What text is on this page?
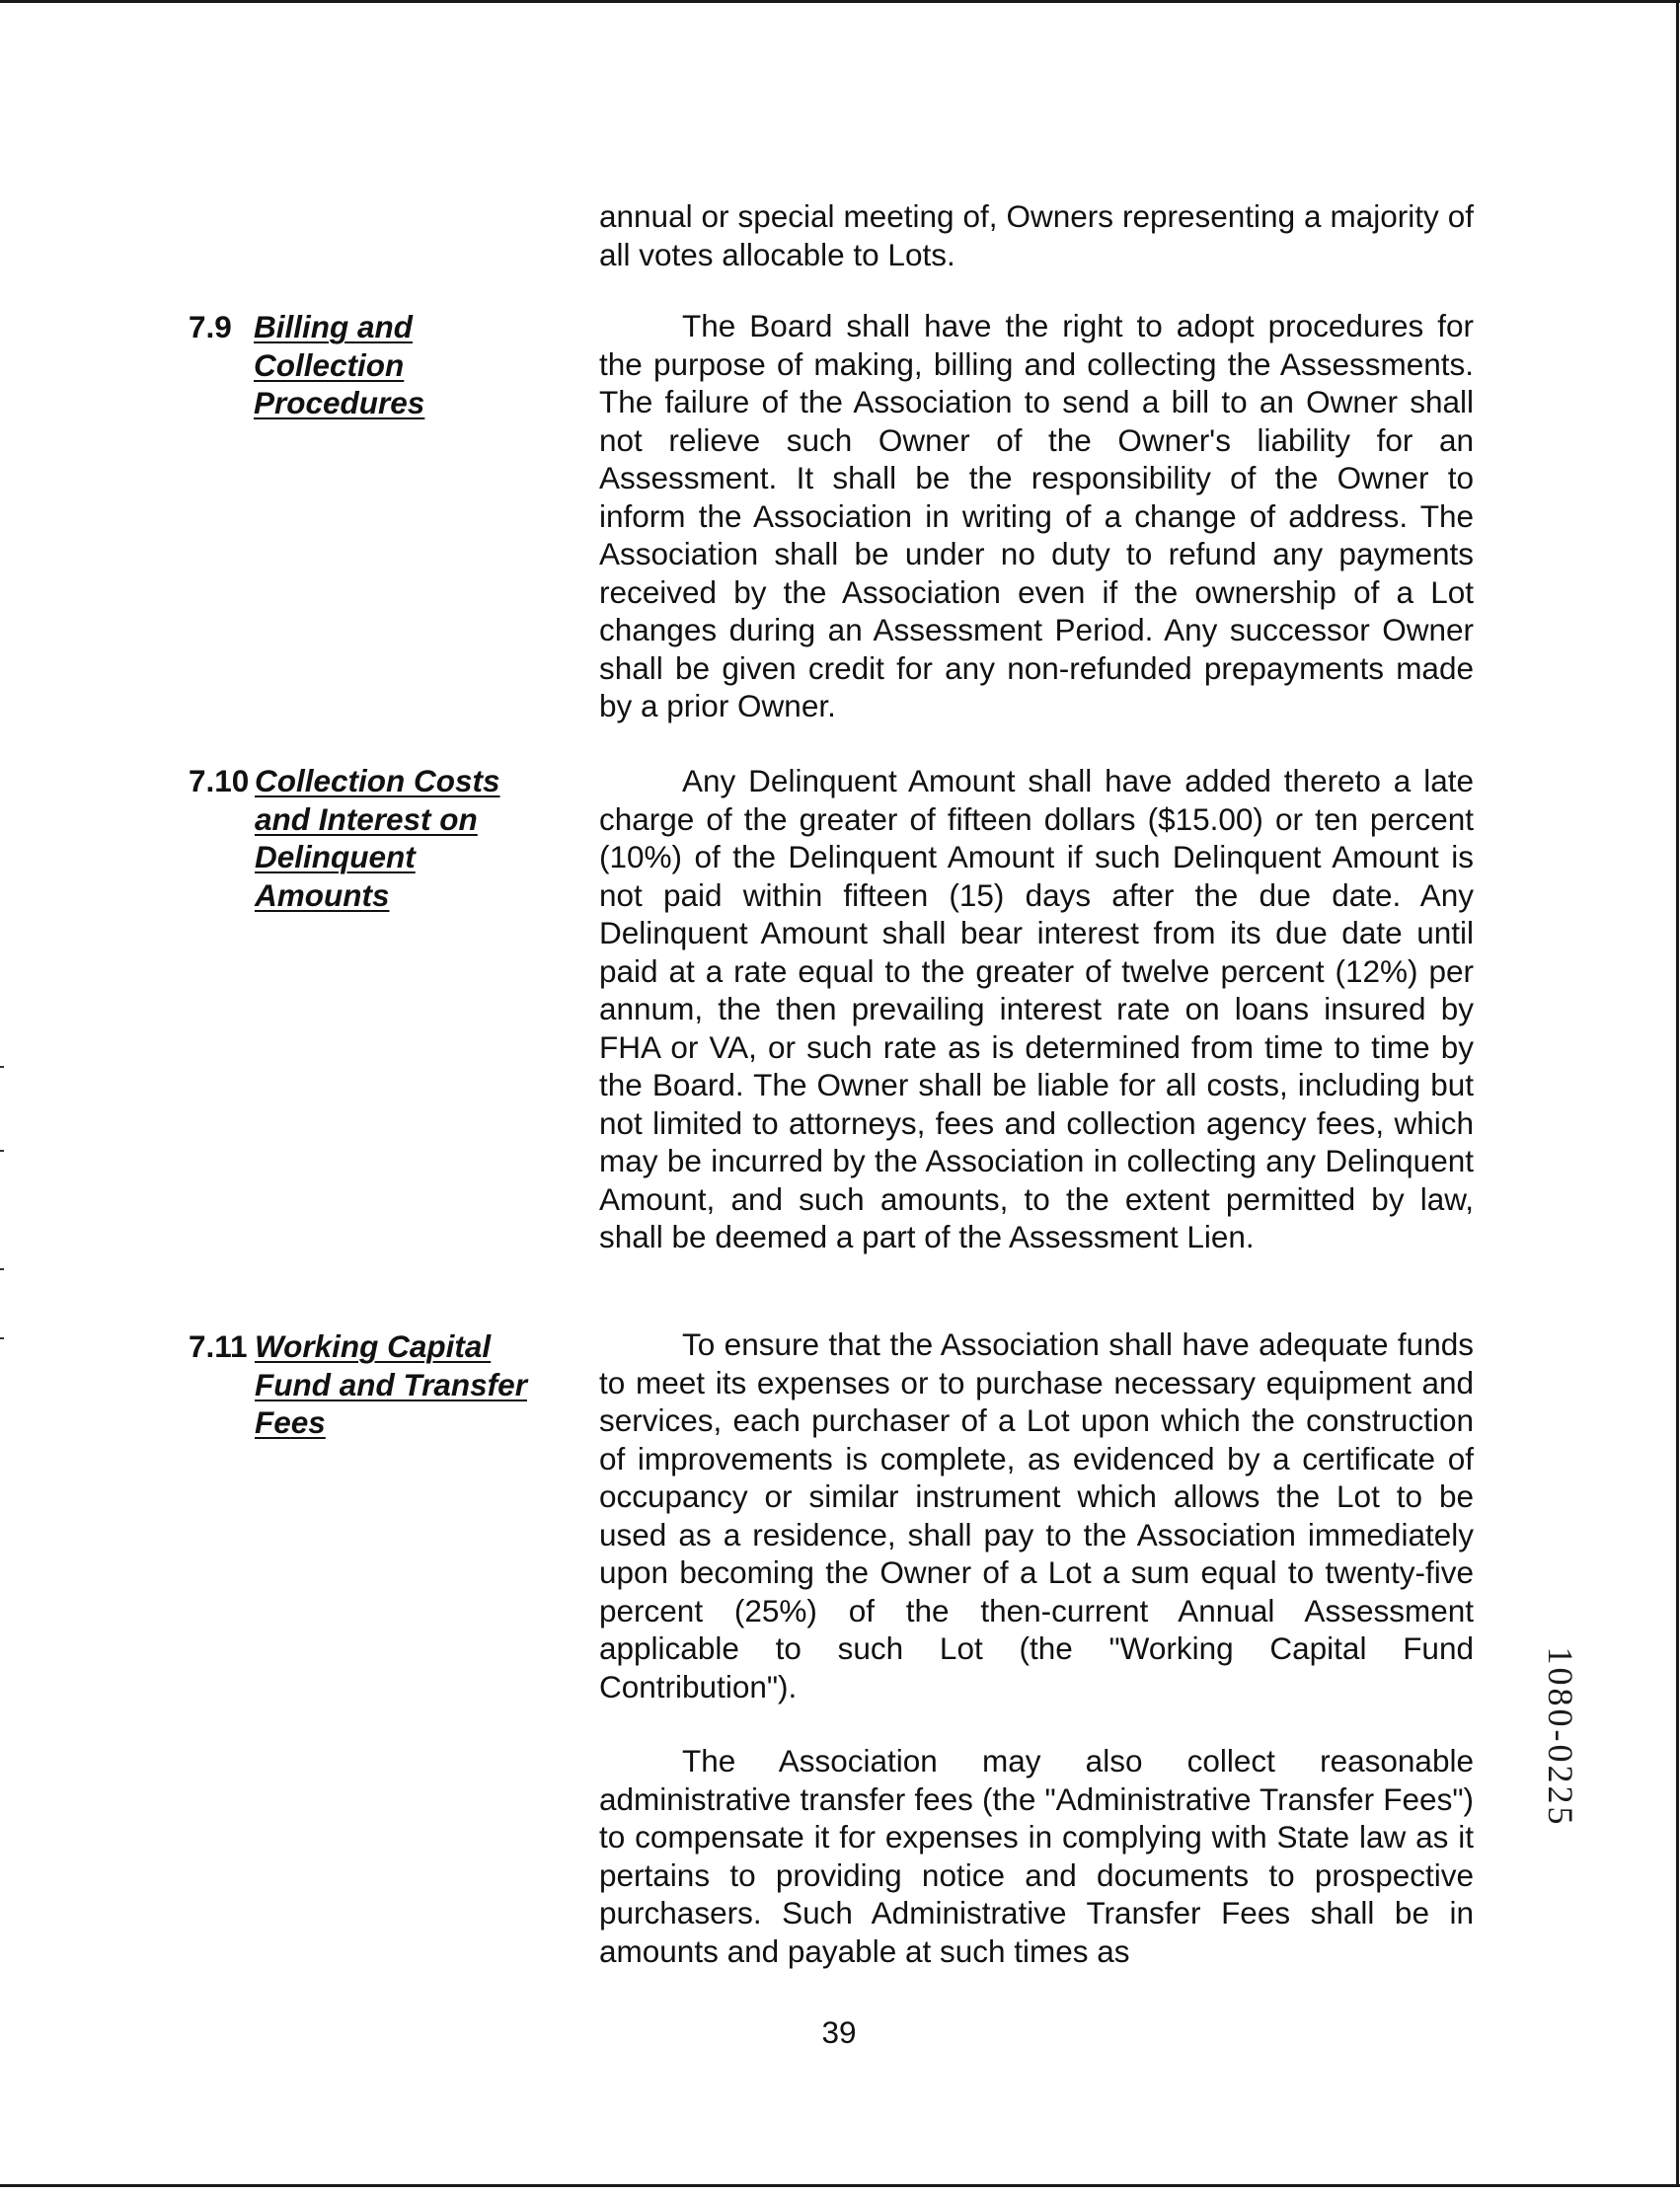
annual or special meeting of, Owners representing a majority of all votes allocable to Lots.

7.9 Billing and
Collection
Procedures

The Board shall have the right to adopt procedures for the purpose of making, billing and collecting the Assessments. The failure of the Association to send a bill to an Owner shall not relieve such Owner of the Owner's liability for an Assessment. It shall be the responsibility of the Owner to inform the Association in writing of a change of address. The Association shall be under no duty to refund any payments received by the Association even if the ownership of a Lot changes during an Assessment Period. Any successor Owner shall be given credit for any non-refunded prepayments made by a prior Owner.

7.10 Collection Costs
and Interest on
Delinquent
Amounts

Any Delinquent Amount shall have added thereto a late charge of the greater of fifteen dollars ($15.00) or ten percent (10%) of the Delinquent Amount if such Delinquent Amount is not paid within fifteen (15) days after the due date. Any Delinquent Amount shall bear interest from its due date until paid at a rate equal to the greater of twelve percent (12%) per annum, the then prevailing interest rate on loans insured by FHA or VA, or such rate as is determined from time to time by the Board. The Owner shall be liable for all costs, including but not limited to attorneys, fees and collection agency fees, which may be incurred by the Association in collecting any Delinquent Amount, and such amounts, to the extent permitted by law, shall be deemed a part of the Assessment Lien.

7.11 Working Capital
Fund and Transfer
Fees

To ensure that the Association shall have adequate funds to meet its expenses or to purchase necessary equipment and services, each purchaser of a Lot upon which the construction of improvements is complete, as evidenced by a certificate of occupancy or similar instrument which allows the Lot to be used as a residence, shall pay to the Association immediately upon becoming the Owner of a Lot a sum equal to twenty-five percent (25%) of the then-current Annual Assessment applicable to such Lot (the "Working Capital Fund Contribution").

The Association may also collect reasonable administrative transfer fees (the "Administrative Transfer Fees") to compensate it for expenses in complying with State law as it pertains to providing notice and documents to prospective purchasers. Such Administrative Transfer Fees shall be in amounts and payable at such times as

39
1080-0225
